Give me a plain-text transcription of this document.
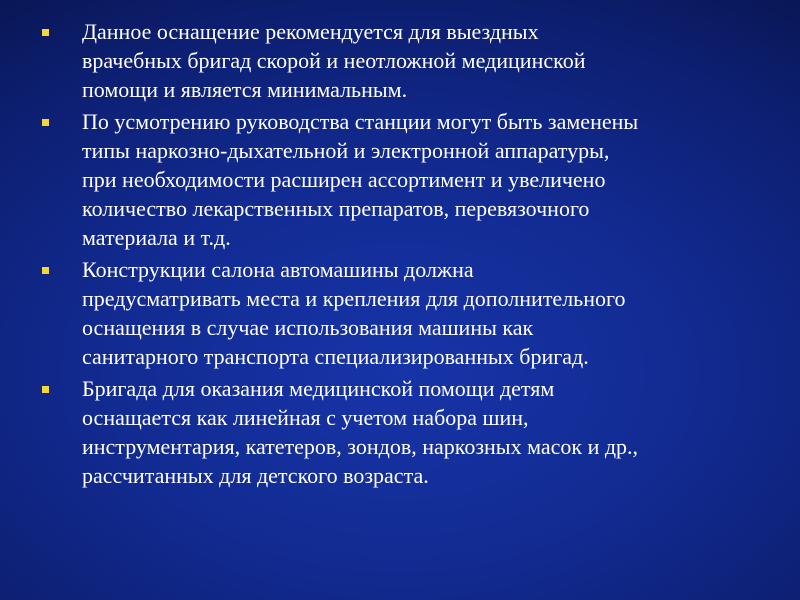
Данное оснащение рекомендуется для выездных
врачебных бригад скорой и неотложной медицинской
помощи и является минимальным.
По усмотрению руководства станции могут быть заменены
типы наркозно-дыхательной и электронной аппаратуры,
при необходимости расширен ассортимент и увеличено
количество лекарственных препаратов, перевязочного
материала и т.д.
Конструкции салона автомашины должна
предусматривать места и крепления для дополнительного
оснащения в случае использования машины как
санитарного транспорта специализированных бригад.
Бригада для оказания медицинской помощи детям
оснащается как линейная с учетом набора шин,
инструментария, катетеров, зондов, наркозных масок и др.,
рассчитанных для детского возраста.
